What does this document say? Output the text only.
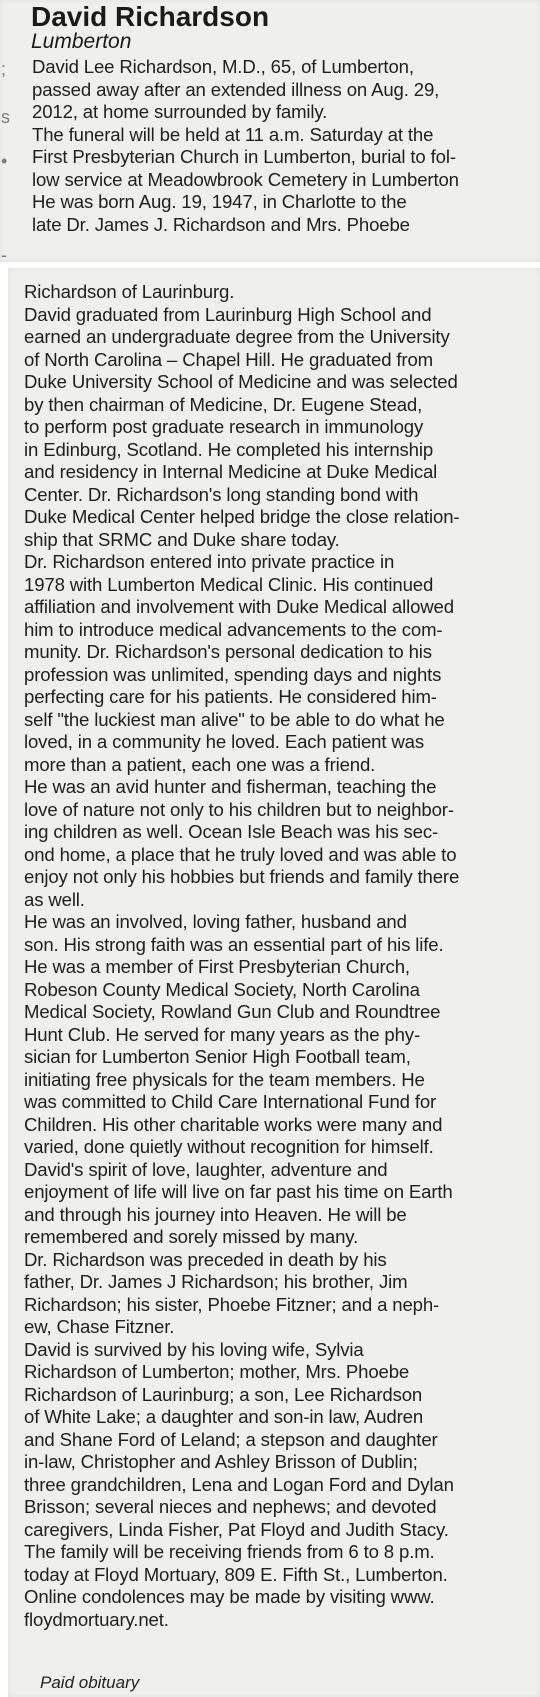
;
s
•
-
David Richardson
Lumberton

David Lee Richardson, M.D., 65, of Lumberton,
passed away after an extended illness on Aug. 29,
2012, at home surrounded by family.
The funeral will be held at 11 a.m. Saturday at the
First Presbyterian Church in Lumberton, burial to fol-
low service at Meadowbrook Cemetery in Lumberton
He was born Aug. 19, 1947, in Charlotte to the
late Dr. James J. Richardson and Mrs. Phoebe

Richardson of Laurinburg.
David graduated from Laurinburg High School and
earned an undergraduate degree from the University
of North Carolina – Chapel Hill. He graduated from
Duke University School of Medicine and was selected
by then chairman of Medicine, Dr. Eugene Stead,
to perform post graduate research in immunology
in Edinburg, Scotland. He completed his internship
and residency in Internal Medicine at Duke Medical
Center. Dr. Richardson's long standing bond with
Duke Medical Center helped bridge the close relation-
ship that SRMC and Duke share today.
Dr. Richardson entered into private practice in
1978 with Lumberton Medical Clinic. His continued
affiliation and involvement with Duke Medical allowed
him to introduce medical advancements to the com-
munity. Dr. Richardson's personal dedication to his
profession was unlimited, spending days and nights
perfecting care for his patients. He considered him-
self "the luckiest man alive" to be able to do what he
loved, in a community he loved. Each patient was
more than a patient, each one was a friend.
He was an avid hunter and fisherman, teaching the
love of nature not only to his children but to neighbor-
ing children as well. Ocean Isle Beach was his sec-
ond home, a place that he truly loved and was able to
enjoy not only his hobbies but friends and family there
as well.
He was an involved, loving father, husband and
son. His strong faith was an essential part of his life.
He was a member of First Presbyterian Church,
Robeson County Medical Society, North Carolina
Medical Society, Rowland Gun Club and Roundtree
Hunt Club. He served for many years as the phy-
sician for Lumberton Senior High Football team,
initiating free physicals for the team members. He
was committed to Child Care International Fund for
Children. His other charitable works were many and
varied, done quietly without recognition for himself.
David's spirit of love, laughter, adventure and
enjoyment of life will live on far past his time on Earth
and through his journey into Heaven. He will be
remembered and sorely missed by many.
Dr. Richardson was preceded in death by his
father, Dr. James J Richardson; his brother, Jim
Richardson; his sister, Phoebe Fitzner; and a neph-
ew, Chase Fitzner.
David is survived by his loving wife, Sylvia
Richardson of Lumberton; mother, Mrs. Phoebe
Richardson of Laurinburg; a son, Lee Richardson
of White Lake; a daughter and son-in law, Audren
and Shane Ford of Leland; a stepson and daughter
in-law, Christopher and Ashley Brisson of Dublin;
three grandchildren, Lena and Logan Ford and Dylan
Brisson; several nieces and nephews; and devoted
caregivers, Linda Fisher, Pat Floyd and Judith Stacy.
The family will be receiving friends from 6 to 8 p.m.
today at Floyd Mortuary, 809 E. Fifth St., Lumberton.
Online condolences may be made by visiting www.
floydmortuary.net.

Paid obituary
